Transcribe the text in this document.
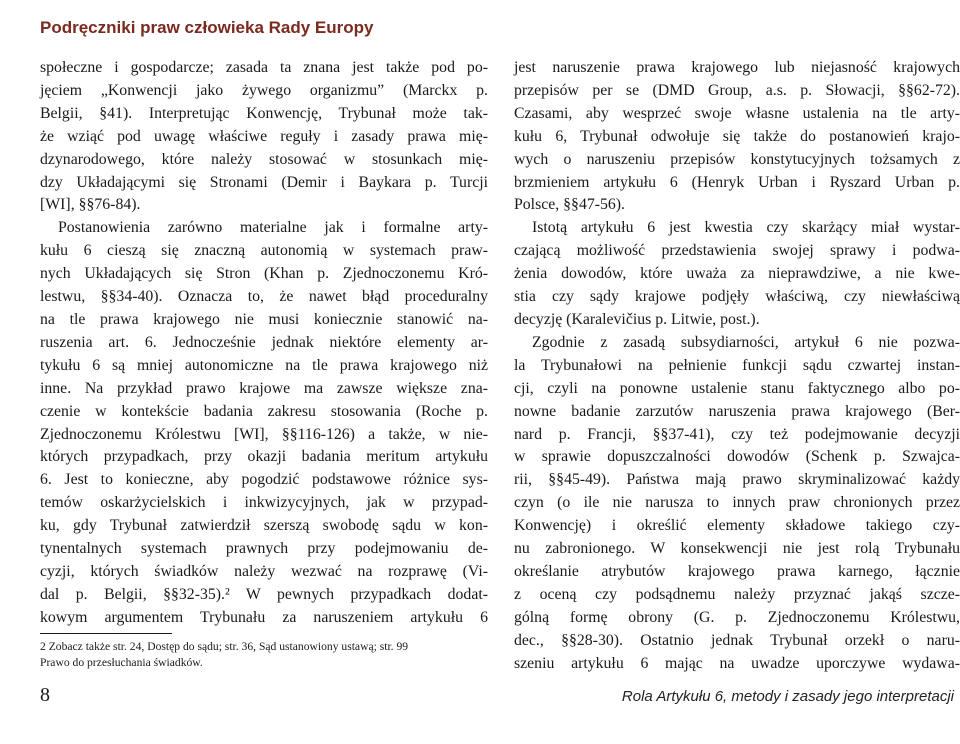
Podręczniki praw człowieka Rady Europy
społeczne i gospodarcze; zasada ta znana jest także pod po-
jęciem „Konwencji jako żywego organizmu” (Marckx p.
Belgii, §41). Interpretując Konwencję, Trybunał może tak-
że wziąć pod uwagę właściwe reguły i zasady prawa mię-
dzynarodowego, które należy stosować w stosunkach mię-
dzy Układającymi się Stronami (Demir i Baykara p. Turcji
[WI], §§76-84).
Postanowienia zarówno materialne jak i formalne arty-
kułu 6 cieszą się znaczną autonomią w systemach praw-
nych Układających się Stron (Khan p. Zjednoczonemu Kró-
lestwu, §§34-40). Oznacza to, że nawet błąd proceduralny
na tle prawa krajowego nie musi koniecznie stanowić na-
ruszenia art. 6. Jednocześnie jednak niektóre elementy ar-
tykułu 6 są mniej autonomiczne na tle prawa krajowego niż
inne. Na przykład prawo krajowe ma zawsze większe zna-
czenie w kontekście badania zakresu stosowania (Roche p.
Zjednoczonemu Królestwu [WI], §§116-126) a także, w nie-
których przypadkach, przy okazji badania meritum artykułu
6. Jest to konieczne, aby pogodzić podstawowe różnice sys-
temów oskarżycielskich i inkwizycyjnych, jak w przypad-
ku, gdy Trybunał zatwierdził szerszą swobodę sądu w kon-
tynentalnych systemach prawnych przy podejmowaniu de-
cyzji, których świadków należy wezwać na rozprawę (Vi-
dal p. Belgii, §§32-35).² W pewnych przypadkach dodat-
kowym argumentem Trybunału za naruszeniem artykułu 6
jest naruszenie prawa krajowego lub niejasność krajowych
przepisów per se (DMD Group, a.s. p. Słowacji, §§62-72).
Czasami, aby wesprzeć swoje własne ustalenia na tle arty-
kułu 6, Trybunał odwołuje się także do postanowień krajo-
wych o naruszeniu przepisów konstytucyjnych tożsamych z
brzmieniem artykułu 6 (Henryk Urban i Ryszard Urban p.
Polsce, §§47-56).
Istotą artykułu 6 jest kwestia czy skarżący miał wystar-
czającą możliwość przedstawienia swojej sprawy i podwa-
żenia dowodów, które uważa za nieprawdziwe, a nie kwe-
stia czy sądy krajowe podjęły właściwą, czy niewłaściwą
decyzję (Karalevičius p. Litwie, post.).
Zgodnie z zasadą subsydiarności, artykuł 6 nie pozwa-
la Trybunałowi na pełnienie funkcji sądu czwartej instan-
cji, czyli na ponowne ustalenie stanu faktycznego albo po-
nowne badanie zarzutów naruszenia prawa krajowego (Ber-
nard p. Francji, §§37-41), czy też podejmowanie decyzji
w sprawie dopuszczalności dowodów (Schenk p. Szwajca-
rii, §§45-49). Państwa mają prawo skryminalizować każdy
czyn (o ile nie narusza to innych praw chronionych przez
Konwencję) i określić elementy składowe takiego czy-
nu zabronionego. W konsekwencji nie jest rolą Trybunału
określanie atrybutów krajowego prawa karnego, łącznie
z oceną czy podsądnemu należy przyznać jakąś szcze-
gólną formę obrony (G. p. Zjednoczonemu Królestwu,
dec., §§28-30). Ostatnio jednak Trybunał orzekł o naru-
szeniu artykułu 6 mając na uwadze uporczywe wydawa-
2 Zobacz także str. 24, Dostęp do sądu; str. 36, Sąd ustanowiony ustawą; str. 99
Prawo do przesłuchania świadków.
8	Rola Artykułu 6, metody i zasady jego interpretacji
